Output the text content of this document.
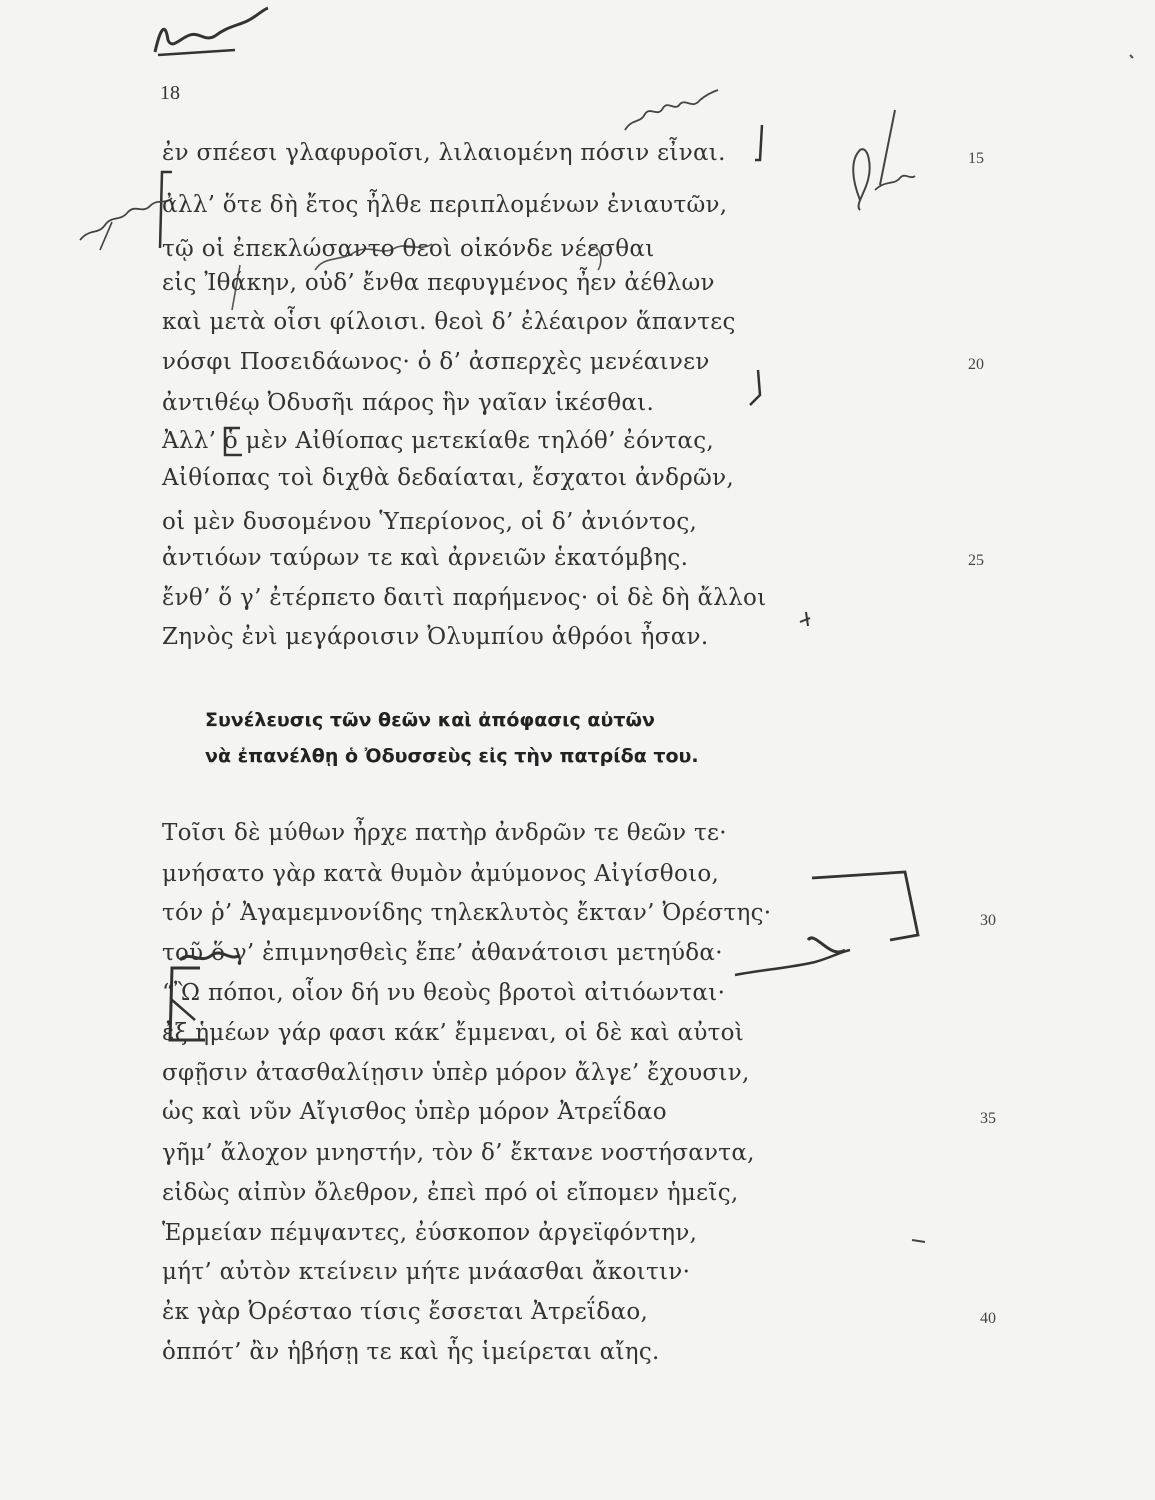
18
ἐν σπέεσι γλαφυροῖσι, λιλαιομένη πόσιν εἶναι.
ἀλλ’ ὅτε δὴ ἔτος ἦλθε περιπλομένων ἐνιαυτῶν,
τῷ οἱ ἐπεκλώσαντο θεοὶ οἰκόνδε νέεσθαι
εἰς Ἰθάκην, οὐδ’ ἔνθα πεφυγμένος ἦεν ἀέθλων
καὶ μετὰ οἷσι φίλοισι. θεοὶ δ’ ἐλέαιρον ἅπαντες
νόσφι Ποσειδάωνος· ὁ δ’ ἀσπερχὲς μενέαινεν
ἀντιθέῳ Ὀδυσῆι πάρος ἣν γαῖαν ἱκέσθαι.
Ἀλλ’ ὁ μὲν Αἰθίοπας μετεκίαθε τηλόθ’ ἐόντας,
Αἰθίοπας τοὶ διχθὰ δεδαίαται, ἔσχατοι ἀνδρῶν,
οἱ μὲν δυσομένου Ὑπερίονος, οἱ δ’ ἀνιόντος,
ἀντιόων ταύρων τε καὶ ἀρνειῶν ἑκατόμβης.
ἔνθ’ ὅ γ’ ἐτέρπετο δαιτὶ παρήμενος· οἱ δὲ δὴ ἄλλοι
Ζηνὸς ἐνὶ μεγάροισιν Ὀλυμπίου ἁθρόοι ἦσαν.
15
20
25
Συνέλευσις τῶν θεῶν καὶ ἀπόφασις αὐτῶν
νὰ ἐπανέλθῃ ὁ Ὀδυσσεὺς εἰς τὴν πατρίδα του.
Τοῖσι δὲ μύθων ἦρχε πατὴρ ἀνδρῶν τε θεῶν τε·
μνήσατο γὰρ κατὰ θυμὸν ἀμύμονος Αἰγίσθοιο,
τόν ῥ’ Ἀγαμεμνονίδης τηλεκλυτὸς ἔκταν’ Ὀρέστης·
τοῦ ὅ γ’ ἐπιμνησθεὶς ἔπε’ ἀθανάτοισι μετηύδα·
“Ὢ πόποι, οἷον δή νυ θεοὺς βροτοὶ αἰτιόωνται·
ἐξ ἡμέων γάρ φασι κάκ’ ἔμμεναι, οἱ δὲ καὶ αὐτοὶ
σφῇσιν ἀτασθαλίῃσιν ὑπὲρ μόρον ἄλγε’ ἔχουσιν,
ὡς καὶ νῦν Αἴγισθος ὑπὲρ μόρον Ἀτρεΐδαο
γῆμ’ ἄλοχον μνηστήν, τὸν δ’ ἔκτανε νοστήσαντα,
εἰδὼς αἰπὺν ὄλεθρον, ἐπεὶ πρό οἱ εἴπομεν ἡμεῖς,
Ἑρμείαν πέμψαντες, ἐύσκοπον ἀργεϊφόντην,
μήτ’ αὐτὸν κτείνειν μήτε μνάασθαι ἄκοιτιν·
ἐκ γὰρ Ὀρέσταο τίσις ἔσσεται Ἀτρεΐδαο,
ὁππότ’ ἂν ἡβήσῃ τε καὶ ἧς ἱμείρεται αἴης.
30
35
40
